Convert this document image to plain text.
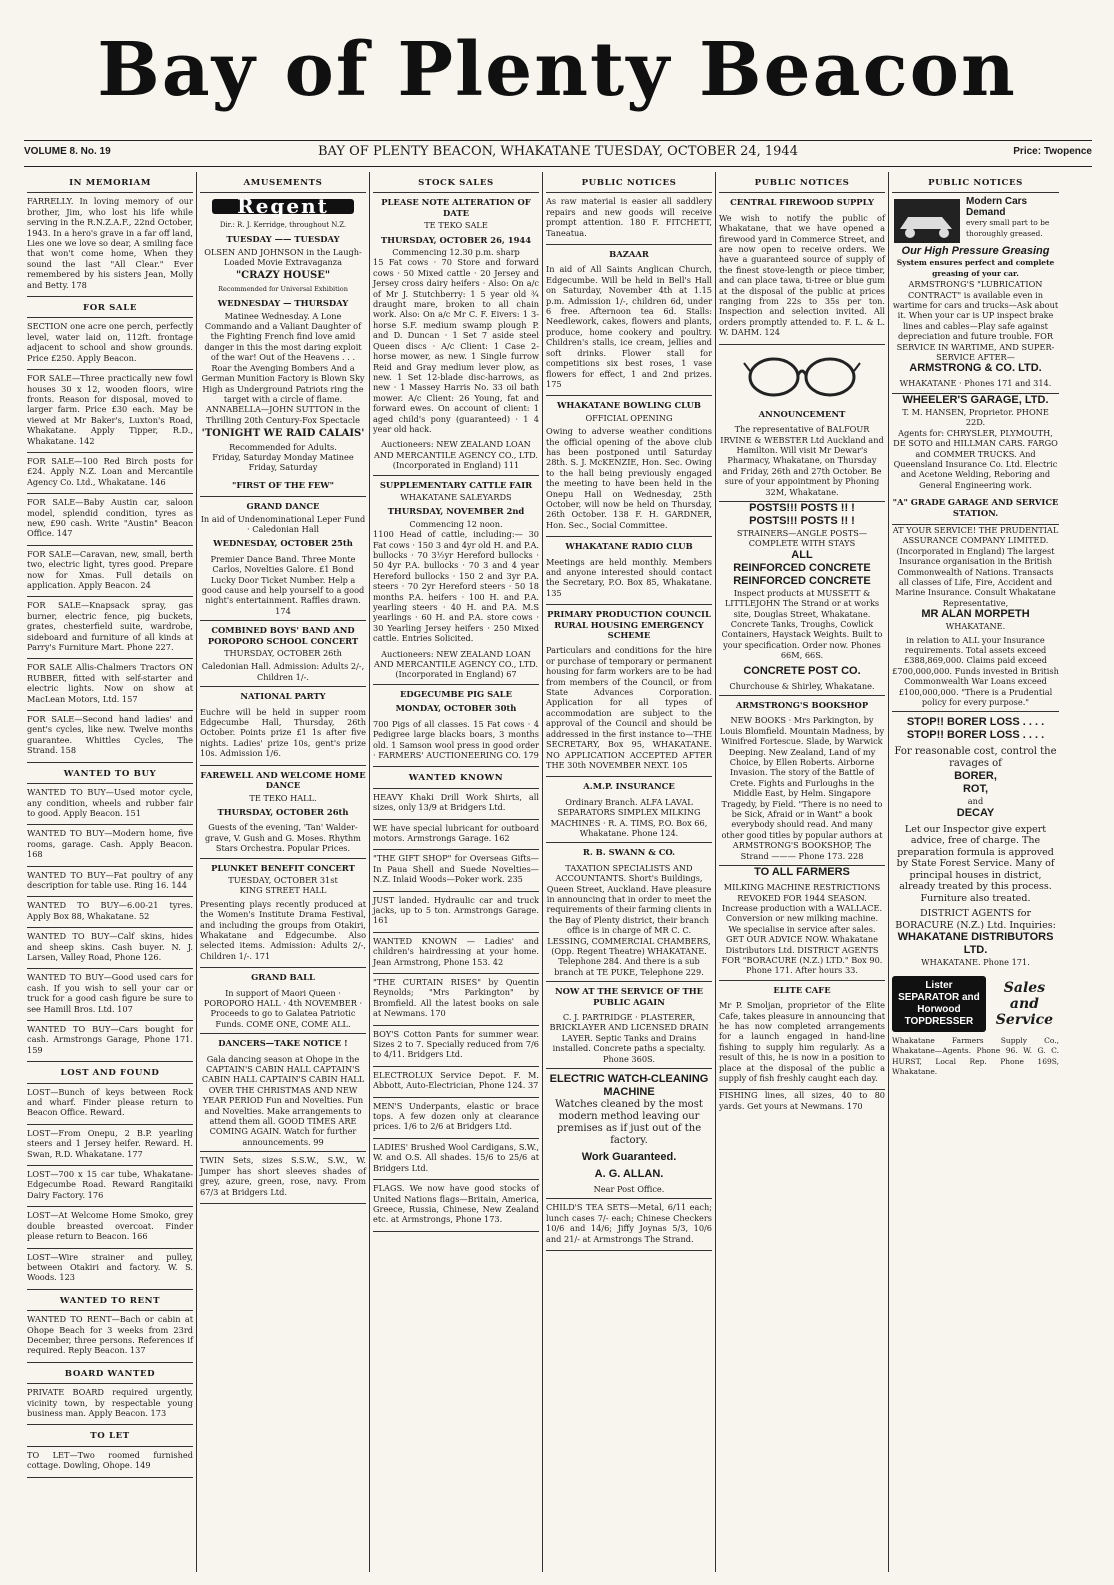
Bay of Plenty Beacon
VOLUME 8. No. 19	BAY OF PLENTY BEACON, WHAKATANE TUESDAY, OCTOBER 24, 1944	Price: Twopence
IN MEMORIAM

FARRELLY. In loving memory of our brother, Jim, who lost his life while serving in the R.N.Z.A.F., 22nd October, 1943. In a hero's grave in a far off land, Lies one we love so dear, A smiling face that won't come home, When they sound the last "All Clear." Ever remembered by his sisters Jean, Molly and Betty. 178

FOR SALE

SECTION one acre one perch, perfectly level, water laid on, 112ft. frontage adjacent to school and show grounds. Price £250. Apply Beacon.

FOR SALE—Three practically new fowl houses 30 x 12, wooden floors, wire fronts. Reason for disposal, moved to larger farm. Price £30 each. May be viewed at Mr Baker's, Luxton's Road, Whakatane. Apply Tipper, R.D., Whakatane. 142

FOR SALE—100 Red Birch posts for £24. Apply N.Z. Loan and Mercantile Agency Co. Ltd., Whakatane. 146

FOR SALE—Baby Austin car, saloon model, splendid condition, tyres as new, £90 cash. Write "Austin" Beacon Office. 147

FOR SALE—Caravan, new, small, berth two, electric light, tyres good. Prepare now for Xmas. Full details on application. Apply Beacon. 24

FOR SALE—Knapsack spray, gas burner, electric fence, pig buckets, grates, chesterfield suite, wardrobe, sideboard and furniture of all kinds at Parry's Furniture Mart. Phone 227.

FOR SALE Allis-Chalmers Tractors ON RUBBER, fitted with self-starter and electric lights. Now on show at MacLean Motors, Ltd. 157

FOR SALE—Second hand ladies' and gent's cycles, like new. Twelve months guarantee. Whittles Cycles, The Strand. 158

WANTED TO BUY

WANTED TO BUY—Used motor cycle, any condition, wheels and rubber fair to good. Apply Beacon. 151

WANTED TO BUY—Modern home, five rooms, garage. Cash. Apply Beacon. 168

WANTED TO BUY—Fat poultry of any description for table use. Ring 16. 144

WANTED TO BUY—6.00-21 tyres. Apply Box 88, Whakatane. 52

WANTED TO BUY—Calf skins, hides and sheep skins. Cash buyer. N. J. Larsen, Valley Road, Phone 126.

WANTED TO BUY—Good used cars for cash. If you wish to sell your car or truck for a good cash figure be sure to see Hamill Bros. Ltd. 107

WANTED TO BUY—Cars bought for cash. Armstrongs Garage, Phone 171. 159

LOST AND FOUND

LOST—Bunch of keys between Rock and wharf. Finder please return to Beacon Office. Reward.

LOST—From Onepu, 2 B.P. yearling steers and 1 Jersey heifer. Reward. H. Swan, R.D. Whakatane. 177

LOST—700 x 15 car tube, Whakatane-Edgecumbe Road. Reward Rangitaiki Dairy Factory. 176

LOST—At Welcome Home Smoko, grey double breasted overcoat. Finder please return to Beacon. 166

LOST—Wire strainer and pulley, between Otakiri and factory. W. S. Woods. 123

WANTED TO RENT

WANTED TO RENT—Bach or cabin at Ohope Beach for 3 weeks from 23rd December, three persons. References if required. Reply Beacon. 137

BOARD WANTED

PRIVATE BOARD required urgently, vicinity town, by respectable young business man. Apply Beacon. 173

TO LET

TO LET—Two roomed furnished cottage. Dowling, Ohope. 149

AMUSEMENTS
Regent
Dir.: R. J. Kerridge, throughout N.Z.
TUESDAY —— TUESDAY
OLSEN AND JOHNSON in the Laugh-Loaded Movie Extravaganza
"CRAZY HOUSE"
Recommended for Universal Exhibition
WEDNESDAY — THURSDAY
Matinee Wednesday. A Lone Commando and a Valiant Daughter of the Fighting French find love amid danger in this the most daring exploit of the war! Out of the Heavens . . . Roar the Avenging Bombers And a German Munition Factory is Blown Sky High as Underground Patriots ring the target with a circle of flame. ANNABELLA—JOHN SUTTON in the Thrilling 20th Century-Fox Spectacle
'TONIGHT WE RAID CALAIS'
Recommended for Adults.
Friday, Saturday Monday Matinee Friday, Saturday
"FIRST OF THE FEW"
GRAND DANCE
In aid of Undenominational Leper Fund · Caledonian Hall
WEDNESDAY, OCTOBER 25th
Premier Dance Band. Three Monte Carlos, Novelties Galore. £1 Bond Lucky Door Ticket Number. Help a good cause and help yourself to a good night's entertainment. Raffles drawn. 174
COMBINED BOYS' BAND AND POROPORO SCHOOL CONCERT
THURSDAY, OCTOBER 26th
Caledonian Hall. Admission: Adults 2/-, Children 1/-.
NATIONAL PARTY
Euchre will be held in supper room Edgecumbe Hall, Thursday, 26th October. Points prize £1 1s after five nights. Ladies' prize 10s, gent's prize 10s. Admission 1/6.
FAREWELL AND WELCOME HOME DANCE
TE TEKO HALL.
THURSDAY, OCTOBER 26th
Guests of the evening, 'Tan' Walder-grave, V. Gush and G. Moses. Rhythm Stars Orchestra. Popular Prices.
PLUNKET BENEFIT CONCERT
TUESDAY, OCTOBER 31st
KING STREET HALL
Presenting plays recently produced at the Women's Institute Drama Festival, and including the groups from Otakiri, Whakatane and Edgecumbe. Also selected items. Admission: Adults 2/-, Children 1/-. 171
GRAND BALL
In support of Maori Queen · POROPORO HALL · 4th NOVEMBER · Proceeds to go to Galatea Patriotic Funds. COME ONE, COME ALL.
DANCERS—TAKE NOTICE !
Gala dancing season at Ohope in the CAPTAIN'S CABIN HALL CAPTAIN'S CABIN HALL CAPTAIN'S CABIN HALL OVER THE CHRISTMAS AND NEW YEAR PERIOD Fun and Novelties. Fun and Novelties. Make arrangements to attend them all. GOOD TIMES ARE COMING AGAIN. Watch for further announcements. 99
TWIN Sets, sizes S.S.W., S.W., W. Jumper has short sleeves shades of grey, azure, green, rose, navy. From 67/3 at Bridgers Ltd.
STOCK SALES
PLEASE NOTE ALTERATION OF DATE
TE TEKO SALE
THURSDAY, OCTOBER 26, 1944
Commencing 12.30 p.m. sharp
15 Fat cows · 70 Store and forward cows · 50 Mixed cattle · 20 Jersey and Jersey cross dairy heifers · Also: On a/c of Mr J. Stutchberry: 1 5 year old ¾ draught mare, broken to all chain work. Also: On a/c Mr C. F. Eivers: 1 3-horse S.F. medium swamp plough P. and D. Duncan · 1 Set 7 aside steel Queen discs · A/c Client: 1 Case 2-horse mower, as new. 1 Single furrow Reid and Gray medium lever plow, as new. 1 Set 12-blade disc-harrows, as new · 1 Massey Harris No. 33 oil bath mower. A/c Client: 26 Young, fat and forward ewes. On account of client: 1 aged child's pony (guaranteed) · 1 4 year old hack.
Auctioneers: NEW ZEALAND LOAN AND MERCANTILE AGENCY CO., LTD. (Incorporated in England) 111
SUPPLEMENTARY CATTLE FAIR
WHAKATANE SALEYARDS
THURSDAY, NOVEMBER 2nd
Commencing 12 noon.
1100 Head of cattle, including:— 30 Fat cows · 150 3 and 4yr old H. and P.A. bullocks · 70 3½yr Hereford bullocks · 50 4yr P.A. bullocks · 70 3 and 4 year Hereford bullocks · 150 2 and 3yr P.A. steers · 70 2yr Hereford steers · 50 18 months P.A. heifers · 100 H. and P.A. yearling steers · 40 H. and P.A. M.S yearlings · 60 H. and P.A. store cows · 30 Yearling Jersey heifers · 250 Mixed cattle. Entries Solicited.
Auctioneers: NEW ZEALAND LOAN AND MERCANTILE AGENCY CO., LTD. (Incorporated in England) 67
EDGECUMBE PIG SALE
MONDAY, OCTOBER 30th
700 Pigs of all classes. 15 Fat cows · 4 Pedigree large blacks boars, 3 months old. 1 Samson wool press in good order · FARMERS' AUCTIONEERING CO. 179
WANTED KNOWN

HEAVY Khaki Drill Work Shirts, all sizes, only 13/9 at Bridgers Ltd.

WE have special lubricant for outboard motors. Armstrongs Garage. 162

"THE GIFT SHOP" for Overseas Gifts—In Paua Shell and Suede Novelties—N.Z. Inlaid Woods—Poker work. 235

JUST landed. Hydraulic car and truck jacks, up to 5 ton. Armstrongs Garage. 161

WANTED KNOWN — Ladies' and children's hairdressing at your home. Jean Armstrong, Phone 153. 42

"THE CURTAIN RISES" by Quentin Reynolds; "Mrs Parkington" by Bromfield. All the latest books on sale at Newmans. 170

BOY'S Cotton Pants for summer wear. Sizes 2 to 7. Specially reduced from 7/6 to 4/11. Bridgers Ltd.

ELECTROLUX Service Depot. F. M. Abbott, Auto-Electrician, Phone 124. 37

MEN'S Underpants, elastic or brace tops. A few dozen only at clearance prices. 1/6 to 2/6 at Bridgers Ltd.

LADIES' Brushed Wool Cardigans, S.W., W. and O.S. All shades. 15/6 to 25/6 at Bridgers Ltd.

FLAGS. We now have good stocks of United Nations flags—Britain, America, Greece, Russia, Chinese, New Zealand etc. at Armstrongs, Phone 173.

PUBLIC NOTICES
As raw material is easier all saddlery repairs and new goods will receive prompt attention. 180 F. FITCHETT, Taneatua.
BAZAAR
In aid of All Saints Anglican Church, Edgecumbe. Will be held in Bell's Hall on Saturday, November 4th at 1.15 p.m. Admission 1/-, children 6d, under 6 free. Afternoon tea 6d. Stalls: Needlework, cakes, flowers and plants, produce, home cookery and poultry. Children's stalls, ice cream, jellies and soft drinks. Flower stall for competitions six best roses, 1 vase flowers for effect, 1 and 2nd prizes. 175
WHAKATANE BOWLING CLUB
OFFICIAL OPENING
Owing to adverse weather conditions the official opening of the above club has been postponed until Saturday 28th. S. J. McKENZIE, Hon. Sec. Owing to the hall being previously engaged the meeting to have been held in the Onepu Hall on Wednesday, 25th October, will now be held on Thursday, 26th October. 138 F. H. GARDNER, Hon. Sec., Social Committee.
WHAKATANE RADIO CLUB
Meetings are held monthly. Members and anyone interested should contact the Secretary, P.O. Box 85, Whakatane. 135
PRIMARY PRODUCTION COUNCIL RURAL HOUSING EMERGENCY SCHEME
Particulars and conditions for the hire or purchase of temporary or permanent housing for farm workers are to be had from members of the Council, or from State Advances Corporation. Application for all types of accommodation are subject to the approval of the Council and should be addressed in the first instance to—THE SECRETARY, Box 95, WHAKATANE. NO APPLICATION ACCEPTED AFTER THE 30th NOVEMBER NEXT. 105
A.M.P. INSURANCE
Ordinary Branch. ALFA LAVAL SEPARATORS SIMPLEX MILKING MACHINES · R. A. TIMS, P.O. Box 66, Whakatane. Phone 124.
R. B. SWANN & CO.
TAXATION SPECIALISTS AND ACCOUNTANTS. Short's Buildings, Queen Street, Auckland. Have pleasure in announcing that in order to meet the requirements of their farming clients in the Bay of Plenty district, their branch office is in charge of MR C. C. LESSING, COMMERCIAL CHAMBERS, (Opp. Regent Theatre) WHAKATANE. Telephone 284. And there is a sub branch at TE PUKE, Telephone 229.
NOW AT THE SERVICE OF THE PUBLIC AGAIN
C. J. PARTRIDGE · PLASTERER, BRICKLAYER AND LICENSED DRAIN LAYER. Septic Tanks and Drains installed. Concrete paths a specialty. Phone 360S.
ELECTRIC WATCH-CLEANING MACHINE
Watches cleaned by the most modern method leaving our premises as if just out of the factory.
Work Guaranteed.
A. G. ALLAN.
Near Post Office.
CHILD'S TEA SETS—Metal, 6/11 each; lunch cases 7/- each; Chinese Checkers 10/6 and 14/6; Jiffy Joynas 5/3, 10/6 and 21/- at Armstrongs The Strand.
PUBLIC NOTICES
CENTRAL FIREWOOD SUPPLY
We wish to notify the public of Whakatane, that we have opened a firewood yard in Commerce Street, and are now open to receive orders. We have a guaranteed source of supply of the finest stove-length or piece timber, and can place tawa, ti-tree or blue gum at the disposal of the public at prices ranging from 22s to 35s per ton. Inspection and selection invited. All orders promptly attended to. F. L. & L. W. DAHM. 124
ANNOUNCEMENT
The representative of BALFOUR IRVINE & WEBSTER Ltd Auckland and Hamilton. Will visit Mr Dewar's Pharmacy, Whakatane, on Thursday and Friday, 26th and 27th October. Be sure of your appointment by Phoning 32M, Whakatane.
POSTS!!! POSTS !! !
POSTS!!! POSTS !! !
STRAINERS—ANGLE POSTS—COMPLETE WITH STAYS
ALL
REINFORCED CONCRETE
REINFORCED CONCRETE
Inspect products at MUSSETT & LITTLEJOHN The Strand or at works site, Douglas Street, Whakatane. Concrete Tanks, Troughs, Cowlick Containers, Haystack Weights. Built to your specification. Order now. Phones 66M, 66S.
CONCRETE POST CO.
Churchouse & Shirley, Whakatane.
ARMSTRONG'S BOOKSHOP
NEW BOOKS · Mrs Parkington, by Louis Blomfield. Mountain Madness, by Winifred Fortescue. Slade, by Warwick Deeping. New Zealand, Land of my Choice, by Ellen Roberts. Airborne Invasion. The story of the Battle of Crete. Fights and Furloughs in the Middle East, by Helm. Singapore Tragedy, by Field. "There is no need to be Sick, Afraid or in Want" a book everybody should read. And many other good titles by popular authors at ARMSTRONG'S BOOKSHOP, The Strand ——— Phone 173. 228
TO ALL FARMERS
MILKING MACHINE RESTRICTIONS REVOKED FOR 1944 SEASON. Increase production with a WALLACE. Conversion or new milking machine. We specialise in service after sales. GET OUR ADVICE NOW. Whakatane Distributors Ltd. DISTRICT AGENTS FOR "BORACURE (N.Z.) LTD." Box 90. Phone 171. After hours 33.
ELITE CAFE
Mr P. Smoljan, proprietor of the Elite Cafe, takes pleasure in announcing that he has now completed arrangements for a launch engaged in hand-line fishing to supply him regularly. As a result of this, he is now in a position to place at the disposal of the public a supply of fish freshly caught each day.
FISHING lines, all sizes, 40 to 80 yards. Get yours at Newmans. 170
PUBLIC NOTICES
Modern Cars Demand
every small part to be thoroughly greased.
Our High Pressure Greasing
System ensures perfect and complete greasing of your car.
ARMSTRONG'S "LUBRICATION CONTRACT" is available even in wartime for cars and trucks—Ask about it. When your car is UP inspect brake lines and cables—Play safe against depreciation and future trouble. FOR SERVICE IN WARTIME, AND SUPER-SERVICE AFTER—
ARMSTRONG & CO. LTD.
WHAKATANE · Phones 171 and 314.
WHEELER'S GARAGE, LTD.
T. M. HANSEN, Proprietor. PHONE 22D.
Agents for: CHRYSLER, PLYMOUTH, DE SOTO and HILLMAN CARS. FARGO and COMMER TRUCKS. And Queensland Insurance Co. Ltd. Electric and Acetone Welding, Reboring and General Engineering work.
"A" GRADE GARAGE AND SERVICE STATION.
AT YOUR SERVICE! THE PRUDENTIAL ASSURANCE COMPANY LIMITED. (Incorporated in England) The largest Insurance organisation in the British Commonwealth of Nations. Transacts all classes of Life, Fire, Accident and Marine Insurance. Consult Whakatane Representative,
MR ALAN MORPETH
WHAKATANE.
in relation to ALL your Insurance requirements. Total assets exceed £388,869,000. Claims paid exceed £700,000,000. Funds invested in British Commonwealth War Loans exceed £100,000,000. "There is a Prudential policy for every purpose."
STOP!! BORER LOSS . . . .
STOP!! BORER LOSS . . . .
For reasonable cost, control the ravages of
BORER,
ROT,
and
DECAY
Let our Inspector give expert advice, free of charge. The preparation formula is approved by State Forest Service. Many of principal houses in district, already treated by this process. Furniture also treated.
DISTRICT AGENTS for BORACURE (N.Z.) Ltd. Inquiries:
WHAKATANE DISTRIBUTORS LTD.
WHAKATANE. Phone 171.
Lister SEPARATOR and Horwood TOPDRESSER
Sales and Service
Whakatane Farmers Supply Co., Whakatane—Agents. Phone 96. W. G. C. HURST, Local Rep. Phone 169S, Whakatane.
